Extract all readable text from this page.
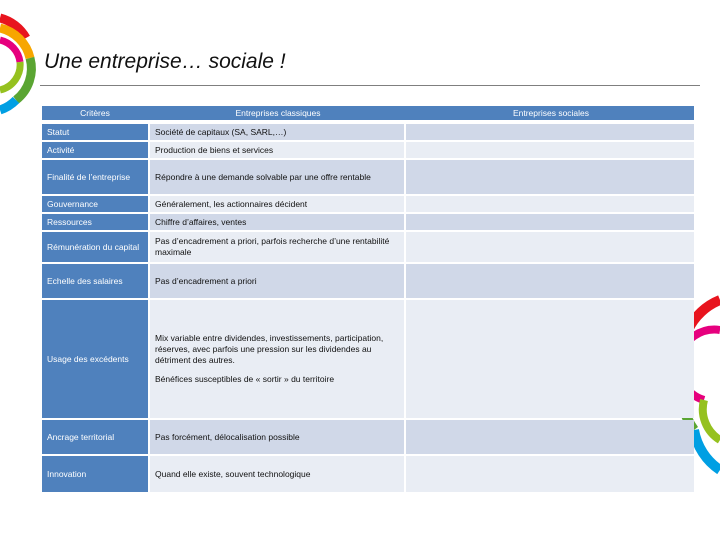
Une entreprise… sociale !
Critères	Entreprises classiques	Entreprises sociales
Statut	Société de capitaux (SA, SARL,…)	
Activité	Production de biens et services	
Finalité de l’entreprise	Répondre à une demande solvable par une offre rentable	
Gouvernance	Généralement, les actionnaires décident	
Ressources	Chiffre d’affaires, ventes	
Rémunération du capital	Pas d’encadrement a priori, parfois recherche d’une rentabilité maximale	
Echelle des salaires	Pas d’encadrement a priori	
Usage des excédents	Mix variable entre dividendes, investissements, participation, réserves, avec parfois une pression sur les dividendes au détriment des autres.

Bénéfices susceptibles de « sortir » du territoire	

Ancrage territorial	Pas forcément, délocalisation possible	
Innovation	Quand elle existe, souvent technologique	
